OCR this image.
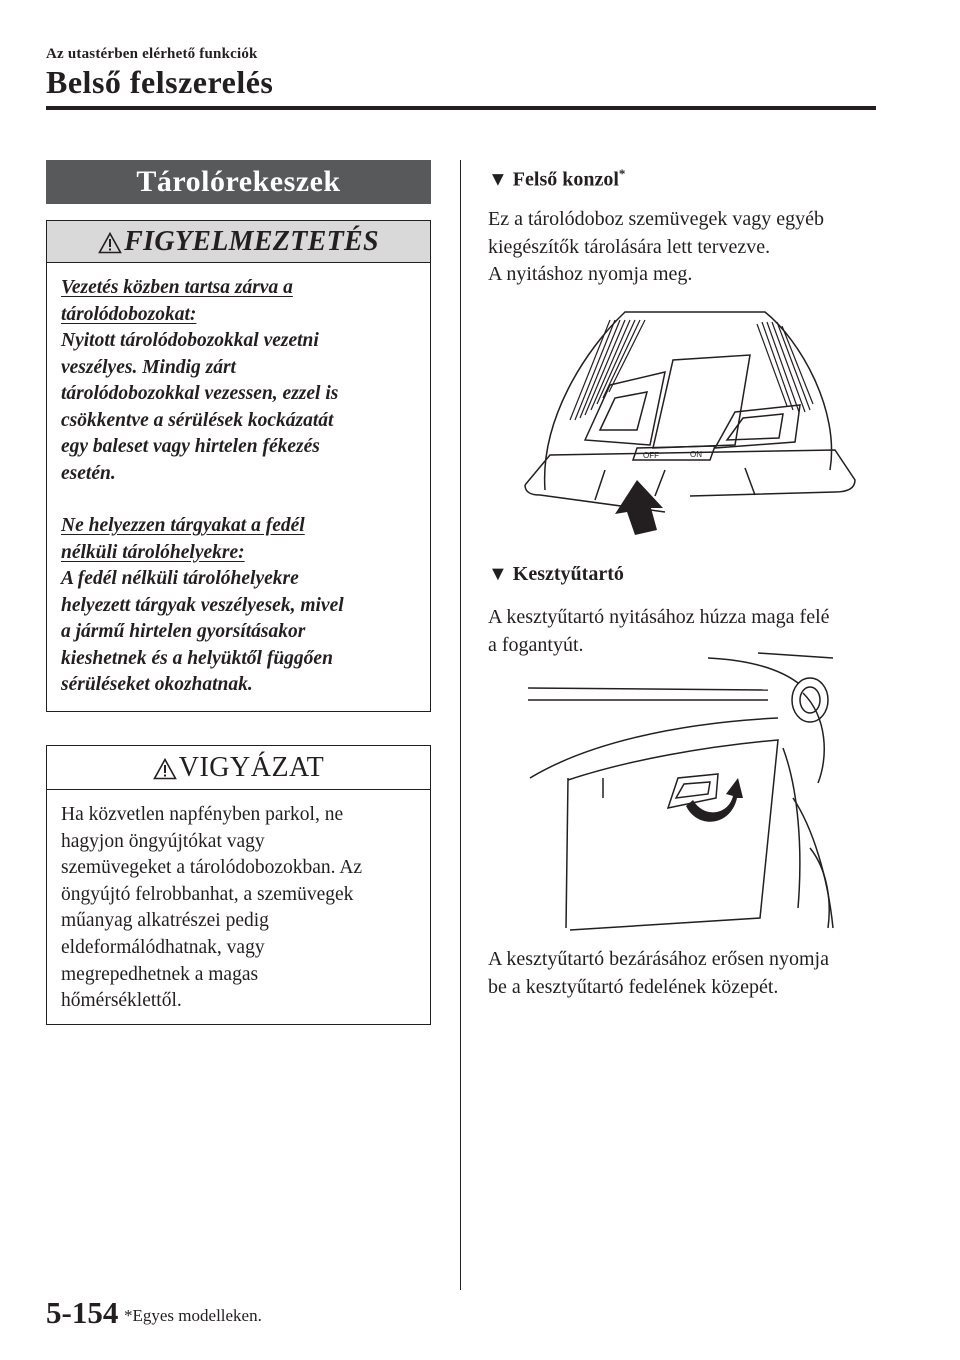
Az utastérben elérhető funkciók
Belső felszerelés
Tárolórekeszek
FIGYELMEZTETÉS

Vezetés közben tartsa zárva a

tárolódobozokat:

Nyitott tárolódobozokkal vezetni

veszélyes. Mindig zárt

tárolódobozokkal vezessen, ezzel is

csökkentve a sérülések kockázatát

egy baleset vagy hirtelen fékezés

esetén.

Ne helyezzen tárgyakat a fedél

nélküli tárolóhelyekre:

A fedél nélküli tárolóhelyekre

helyezett tárgyak veszélyesek, mivel

a jármű hirtelen gyorsításakor

kieshetnek és a helyüktől függően

sérüléseket okozhatnak.

VIGYÁZAT
Ha közvetlen napfényben parkol, ne
hagyjon öngyújtókat vagy
szemüvegeket a tárolódobozokban. Az
öngyújtó felrobbanhat, a szemüvegek
műanyag alkatrészei pedig
eldeformálódhatnak, vagy
megrepedhetnek a magas
hőmérséklettől.
▼ Felső konzol*
Ez a tárolódoboz szemüvegek vagy egyéb
kiegészítők tárolására lett tervezve.
A nyitáshoz nyomja meg.
OFF	ON
▼ Kesztyűtartó
A kesztyűtartó nyitásához húzza maga felé
a fogantyút.
A kesztyűtartó bezárásához erősen nyomja
be a kesztyűtartó fedelének közepét.
5-154 *Egyes modelleken.
